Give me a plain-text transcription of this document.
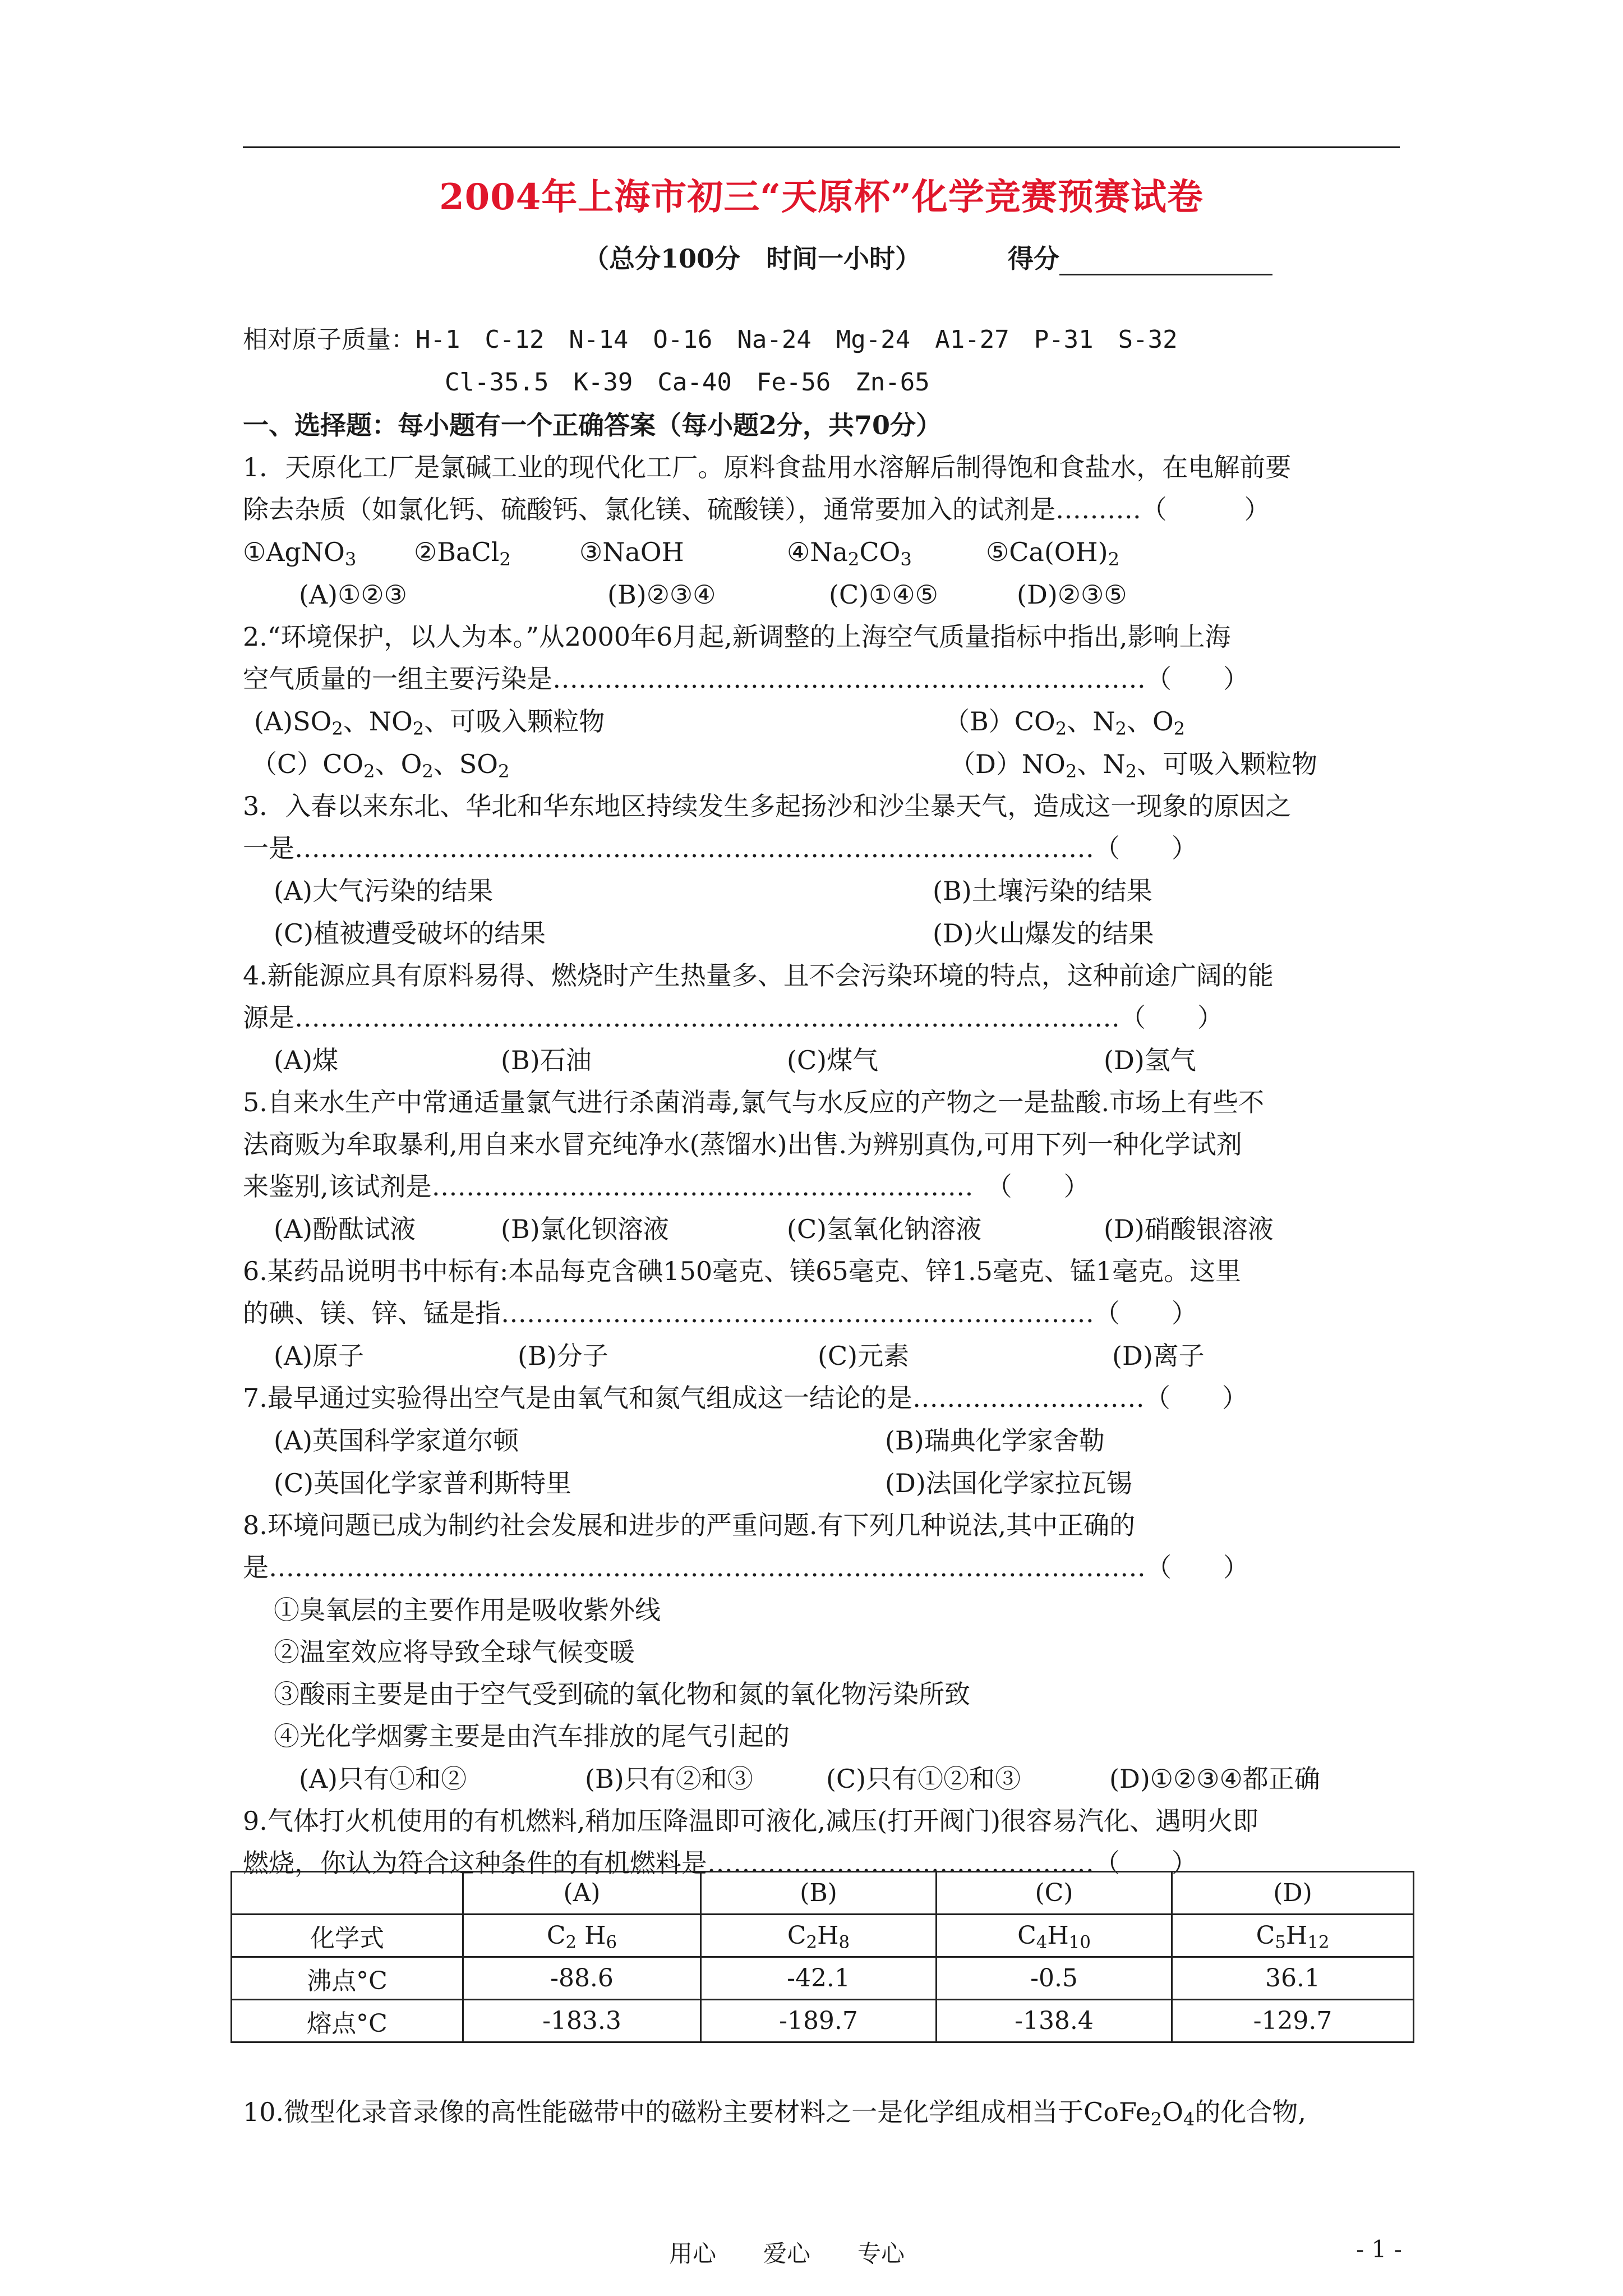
2004年上海市初三“天原杯”化学竞赛预赛试卷
（总分100分　时间一小时）	得分
相对原子质量：H-1　C-12　N-14　O-16　Na-24　Mg-24　A1-27　P-31　S-32
Cl-35.5　K-39　Ca-40　Fe-56　Zn-65
一、选择题：每小题有一个正确答案（每小题2分，共70分）
1．天原化工厂是氯碱工业的现代化工厂。原料食盐用水溶解后制得饱和食盐水，在电解前要
除去杂质（如氯化钙、硫酸钙、氯化镁、硫酸镁），通常要加入的试剂是……….（　　　）
①AgNO$_3$ ②BaCl$_2$	③NaOH	$④Na_2CO_3$	$⑤Ca(OH)_2$
(A)①②③	(B)②③④	(C)①④⑤	(D)②③⑤
2.“环境保护，以人为本。”从2000年6月起,新调整的上海空气质量指标中指出,影响上海
空气质量的一组主要污染是……………………………………………………………（　　）
$(A)SO_2$、$NO_2$、可吸入颗粒物	$(B)CO_2$、$N_2$、$O_2$
$(C)CO_2$、$O_2$、$SO_2$	$(D)NO_2$、$N_2$、可吸入颗粒物
3．入春以来东北、华北和华东地区持续发生多起扬沙和沙尘暴天气，造成这一现象的原因之
一是…………………………………………………………………………………（　　）
(A)大气污染的结果	(B)土壤污染的结果
(C)植被遭受破坏的结果	(D)火山爆发的结果
4.新能源应具有原料易得、燃烧时产生热量多、且不会污染环境的特点，这种前途广阔的能
源是……………………………………………………………………………………（　　）
(A)煤	(B)石油	(C)煤气	(D)氢气
5.自来水生产中常通适量氯气进行杀菌消毒,氯气与水反应的产物之一是盐酸.市场上有些不
法商贩为牟取暴利,用自来水冒充纯净水(蒸馏水)出售.为辨别真伪,可用下列一种化学试剂
来鉴别,该试剂是………………………………………………………　（　　）
(A)酚酞试液	(B)氯化钡溶液	(C)氢氧化钠溶液	(D)硝酸银溶液
6.某药品说明书中标有:本品每克含碘150毫克、镁65毫克、锌1.5毫克、锰1毫克。这里
的碘、镁、锌、锰是指……………………………………………………………（　　）
(A)原子	(B)分子	(C)元素	(D)离子
7.最早通过实验得出空气是由氧气和氮气组成这一结论的是………………………（　　）
(A)英国科学家道尔顿	(B)瑞典化学家舍勒
(C)英国化学家普利斯特里	(D)法国化学家拉瓦锡
8.环境问题已成为制约社会发展和进步的严重问题.有下列几种说法,其中正确的
是…………………………………………………………………………………………（　　）
①臭氧层的主要作用是吸收紫外线
②温室效应将导致全球气候变暖
③酸雨主要是由于空气受到硫的氧化物和氮的氧化物污染所致
④光化学烟雾主要是由汽车排放的尾气引起的
(A)只有①和②	(B)只有②和③	(C)只有①②和③	(D)①②③④都正确
9.气体打火机使用的有机燃料,稍加压降温即可液化,减压(打开阀门)很容易汽化、遇明火即
燃烧，你认为符合这种条件的有机燃料是………………………………………（　　）
	(A)	(B)	(C)	(D)
化学式	$C_2$ $H_6$	$C_2H_8$	$C_4H_{10}$	$C_5H_{12}$
沸点°C	-88.6	-42.1	-0.5	36.1
熔点°C	-183.3	-189.7	-138.4	-129.7
10.微型化录音录像的高性能磁带中的磁粉主要材料之一是化学组成相当于$CoFe_2O_4$的化合物,
用心　　爱心　　专心	- 1 -
